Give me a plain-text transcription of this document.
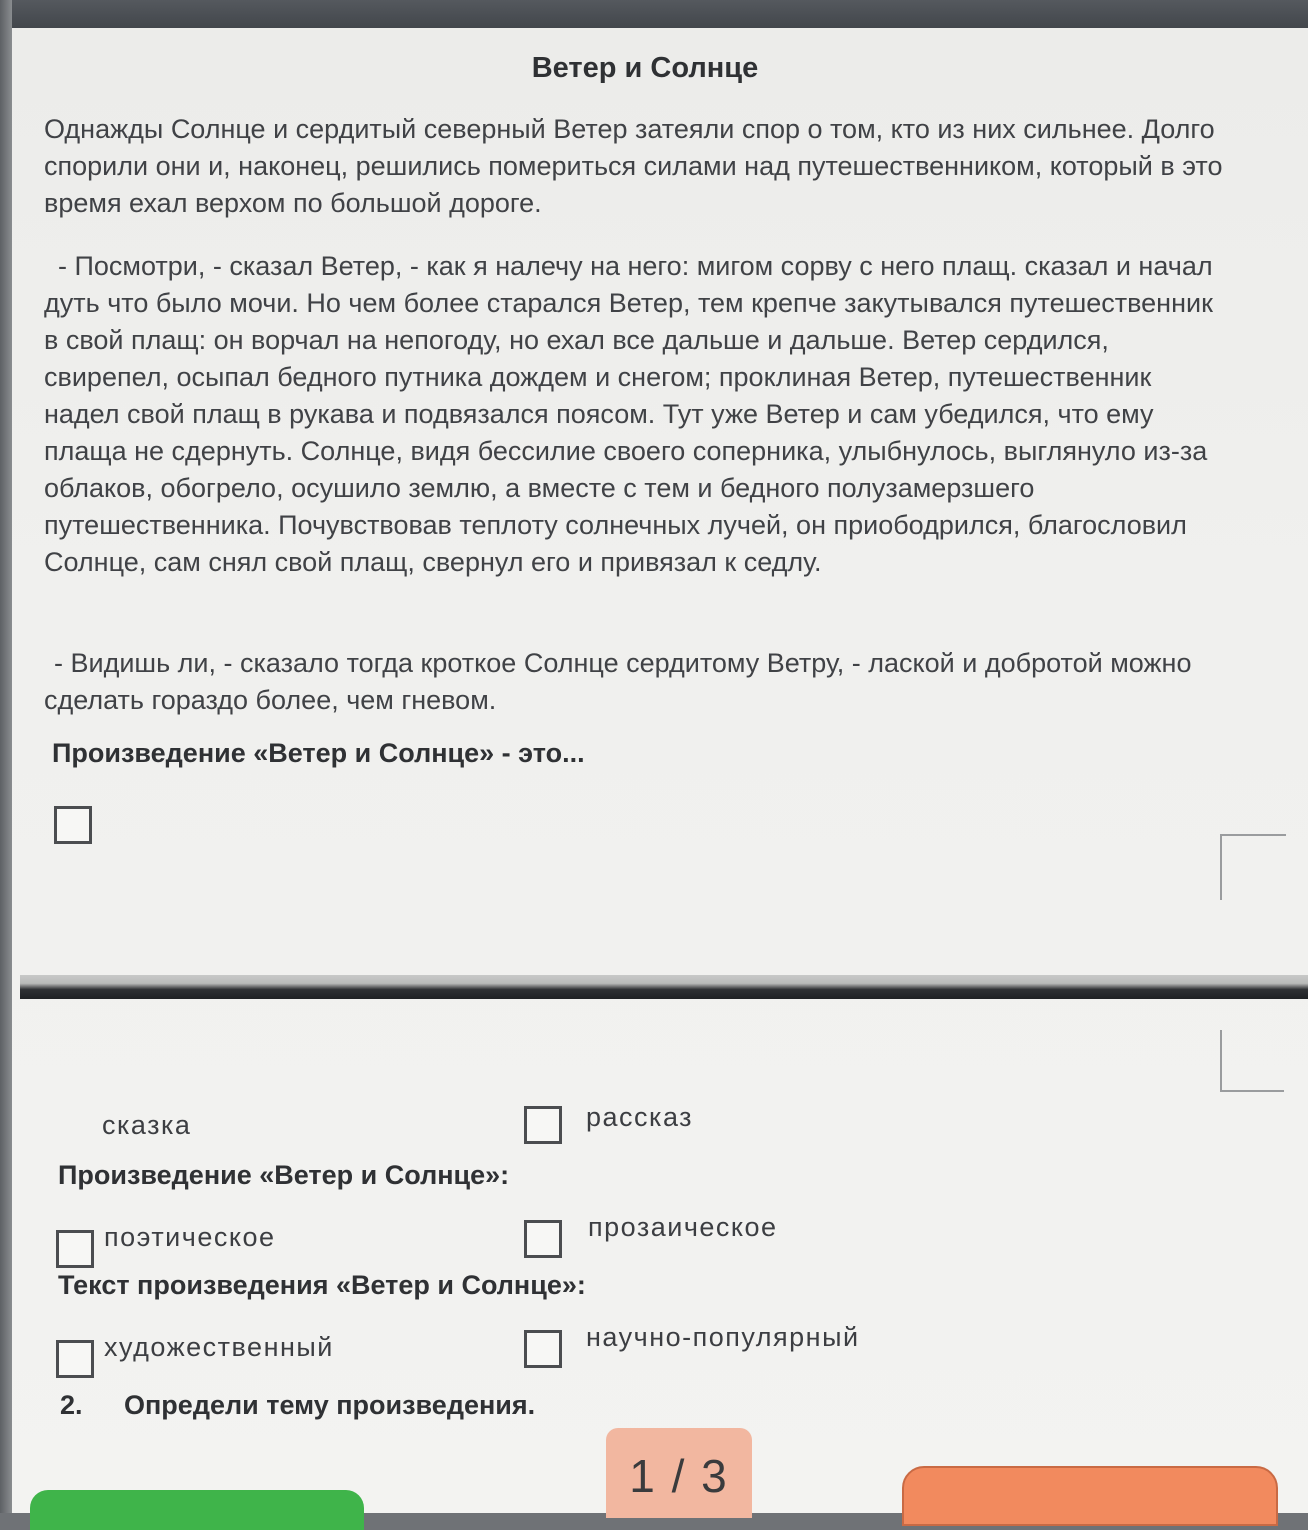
Ветер и Солнце

Однажды Солнце и сердитый северный Ветер затеяли спор о том, кто из них сильнее. Долго спорили они и, наконец, решились помериться силами над путешественником, который в это время ехал верхом по большой дороге.

- Посмотри, - сказал Ветер, - как я налечу на него: мигом сорву с него плащ. сказал и начал дуть что было мочи. Но чем более старался Ветер, тем крепче закутывался путешественник в свой плащ: он ворчал на непогоду, но ехал все дальше и дальше. Ветер сердился, свирепел, осыпал бедного путника дождем и снегом; проклиная Ветер, путешественник надел свой плащ в рукава и подвязался поясом. Тут уже Ветер и сам убедился, что ему плаща не сдернуть. Солнце, видя бессилие своего соперника, улыбнулось, выглянуло из-за облаков, обогрело, осушило землю, а вместе с тем и бедного полузамерзшего путешественника. Почувствовав теплоту солнечных лучей, он приободрился, благословил Солнце, сам снял свой плащ, свернул его и привязал к седлу.

- Видишь ли, - сказало тогда кроткое Солнце сердитому Ветру, - лаской и добротой можно сделать гораздо более, чем гневом.

Произведение «Ветер и Солнце» - это...
сказка	рассказ
Произведение «Ветер и Солнце»:
поэтическое	прозаическое
Текст произведения «Ветер и Солнце»:
художественный	научно-популярный
2. Определи тему произведения.
1 / 3
